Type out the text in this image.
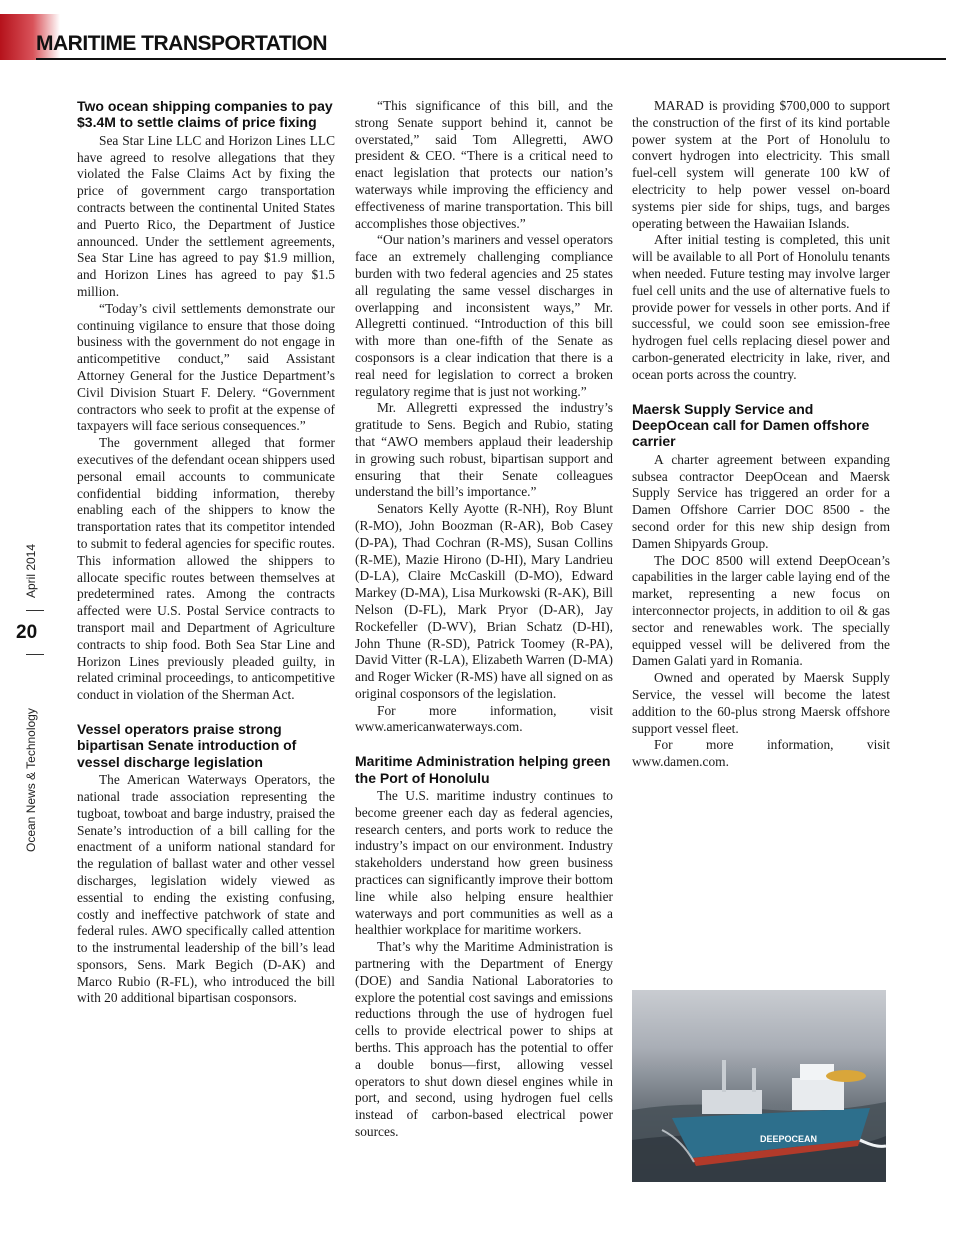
MARITIME TRANSPORTATION
April 2014
20
Ocean News & Technology
Two ocean shipping companies to pay $3.4M to settle claims of price fixing

Sea Star Line LLC and Horizon Lines LLC have agreed to resolve allegations that they violated the False Claims Act by fixing the price of government cargo transportation contracts between the continental United States and Puerto Rico, the Department of Justice announced. Under the settlement agreements, Sea Star Line has agreed to pay $1.9 million, and Horizon Lines has agreed to pay $1.5 million.

“Today’s civil settlements demonstrate our continuing vigilance to ensure that those doing business with the government do not engage in anticompetitive conduct,” said Assistant Attorney General for the Justice Department’s Civil Division Stuart F. Delery. “Government contractors who seek to profit at the expense of taxpayers will face serious consequences.”

The government alleged that former executives of the defendant ocean shippers used personal email accounts to communicate confidential bidding information, thereby enabling each of the shippers to know the transportation rates that its competitor intended to submit to federal agencies for specific routes. This information allowed the shippers to allocate specific routes between themselves at predetermined rates. Among the contracts affected were U.S. Postal Service contracts to transport mail and Department of Agriculture contracts to ship food. Both Sea Star Line and Horizon Lines previously pleaded guilty, in related criminal proceedings, to anticompetitive conduct in violation of the Sherman Act.

Vessel operators praise strong bipartisan Senate introduction of vessel discharge legislation

The American Waterways Operators, the national trade association representing the tugboat, towboat and barge industry, praised the Senate’s introduction of a bill calling for the enactment of a uniform national standard for the regulation of ballast water and other vessel discharges, legislation widely viewed as essential to ending the existing confusing, costly and ineffective patchwork of state and federal rules. AWO specifically called attention to the instrumental leadership of the bill’s lead sponsors, Sens. Mark Begich (D-AK) and Marco Rubio (R-FL), who introduced the bill with 20 additional bipartisan cosponsors.

“This significance of this bill, and the strong Senate support behind it, cannot be overstated,” said Tom Allegretti, AWO president & CEO. “There is a critical need to enact legislation that protects our nation’s waterways while improving the efficiency and effectiveness of marine transportation. This bill accomplishes those objectives.”

“Our nation’s mariners and vessel operators face an extremely challenging compliance burden with two federal agencies and 25 states all regulating the same vessel discharges in overlapping and inconsistent ways,” Mr. Allegretti continued. “Introduction of this bill with more than one-fifth of the Senate as cosponsors is a clear indication that there is a real need for legislation to correct a broken regulatory regime that is just not working.”

Mr. Allegretti expressed the industry’s gratitude to Sens. Begich and Rubio, stating that “AWO members applaud their leadership in growing such robust, bipartisan support and ensuring that their Senate colleagues understand the bill’s importance.”

Senators Kelly Ayotte (R-NH), Roy Blunt (R-MO), John Boozman (R-AR), Bob Casey (D-PA), Thad Cochran (R-MS), Susan Collins (R-ME), Mazie Hirono (D-HI), Mary Landrieu (D-LA), Claire McCaskill (D-MO), Edward Markey (D-MA), Lisa Murkowski (R-AK), Bill Nelson (D-FL), Mark Pryor (D-AR), Jay Rockefeller (D-WV), Brian Schatz (D-HI), John Thune (R-SD), Patrick Toomey (R-PA), David Vitter (R-LA), Elizabeth Warren (D-MA) and Roger Wicker (R-MS) have all signed on as original cosponsors of the legislation.

For more information, visit www.americanwaterways.com.

Maritime Administration helping green the Port of Honolulu

The U.S. maritime industry continues to become greener each day as federal agencies, research centers, and ports work to reduce the industry’s impact on our environment. Industry stakeholders understand how green business practices can significantly improve their bottom line while also helping ensure healthier waterways and port communities as well as a healthier workplace for maritime workers.

That’s why the Maritime Administration is partnering with the Department of Energy (DOE) and Sandia National Laboratories to explore the potential cost savings and emissions reductions through the use of hydrogen fuel cells to provide electrical power to ships at berths. This approach has the potential to offer a double bonus—first, allowing vessel operators to shut down diesel engines while in port, and second, using hydrogen fuel cells instead of carbon-based electrical power sources.

MARAD is providing $700,000 to support the construction of the first of its kind portable power system at the Port of Honolulu to convert hydrogen into electricity. This small fuel-cell system will generate 100 kW of electricity to help power vessel on-board systems pier side for ships, tugs, and barges operating between the Hawaiian Islands.

After initial testing is completed, this unit will be available to all Port of Honolulu tenants when needed. Future testing may involve larger fuel cell units and the use of alternative fuels to provide power for vessels in other ports. And if successful, we could soon see emission-free hydrogen fuel cells replacing diesel power and carbon-generated electricity in lake, river, and ocean ports across the country.

Maersk Supply Service and DeepOcean call for Damen offshore carrier

A charter agreement between expanding subsea contractor DeepOcean and Maersk Supply Service has triggered an order for a Damen Offshore Carrier DOC 8500 - the second order for this new ship design from Damen Shipyards Group.

The DOC 8500 will extend DeepOcean’s capabilities in the larger cable laying end of the market, representing a new focus on interconnector projects, in addition to oil & gas sector and renewables work. The specially equipped vessel will be delivered from the Damen Galati yard in Romania.

Owned and operated by Maersk Supply Service, the vessel will become the latest addition to the 60-plus strong Maersk offshore support vessel fleet.

For more information, visit www.damen.com.

DEEPOCEAN
